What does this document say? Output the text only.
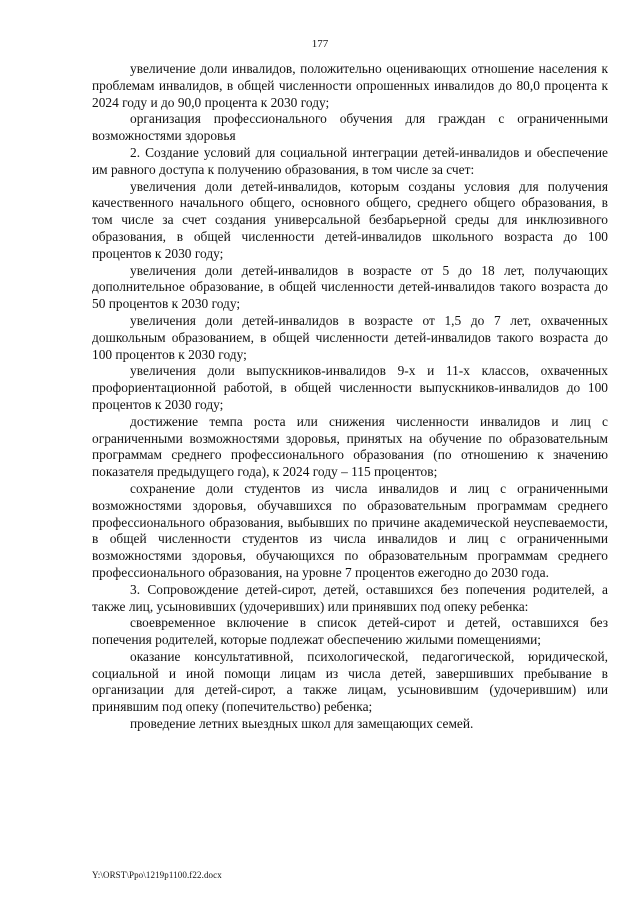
177

увеличение доли инвалидов, положительно оценивающих отношение населения к проблемам инвалидов, в общей численности опрошенных инвалидов до 80,0 процента к 2024 году и до 90,0 процента к 2030 году;

организация профессионального обучения для граждан с ограниченными возможностями здоровья

2. Создание условий для социальной интеграции детей-инвалидов и обеспечение им равного доступа к получению образования, в том числе за счет:

увеличения доли детей-инвалидов, которым созданы условия для получения качественного начального общего, основного общего, среднего общего образования, в том числе за счет создания универсальной безбарьерной среды для инклюзивного образования, в общей численности детей-инвалидов школьного возраста до 100 процентов к 2030 году;

увеличения доли детей-инвалидов в возрасте от 5 до 18 лет, получающих дополнительное образование, в общей численности детей-инвалидов такого возраста до 50 процентов к 2030 году;

увеличения доли детей-инвалидов в возрасте от 1,5 до 7 лет, охваченных дошкольным образованием, в общей численности детей-инвалидов такого возраста до 100 процентов к 2030 году;

увеличения доли выпускников-инвалидов 9-х и 11-х классов, охваченных профориентационной работой, в общей численности выпускников-инвалидов до 100 процентов к 2030 году;

достижение темпа роста или снижения численности инвалидов и лиц с ограниченными возможностями здоровья, принятых на обучение по образовательным программам среднего профессионального образования (по отношению к значению показателя предыдущего года), к 2024 году – 115 процентов;

сохранение доли студентов из числа инвалидов и лиц с ограниченными возможностями здоровья, обучавшихся по образовательным программам среднего профессионального образования, выбывших по причине академической неуспеваемости, в общей численности студентов из числа инвалидов и лиц с ограниченными возможностями здоровья, обучающихся по образовательным программам среднего профессионального образования, на уровне 7 процентов ежегодно до 2030 года.

3. Сопровождение детей-сирот, детей, оставшихся без попечения родителей, а также лиц, усыновивших (удочеривших) или принявших под опеку ребенка:

своевременное включение в список детей-сирот и детей, оставшихся без попечения родителей, которые подлежат обеспечению жилыми помещениями;

оказание консультативной, психологической, педагогической, юридической, социальной и иной помощи лицам из числа детей, завершивших пребывание в организации для детей-сирот, а также лицам, усыновившим (удочерившим) или принявшим под опеку (попечительство) ребенка;

проведение летних выездных школ для замещающих семей.

Y:\ORST\Ppo\1219p1100.f22.docx
